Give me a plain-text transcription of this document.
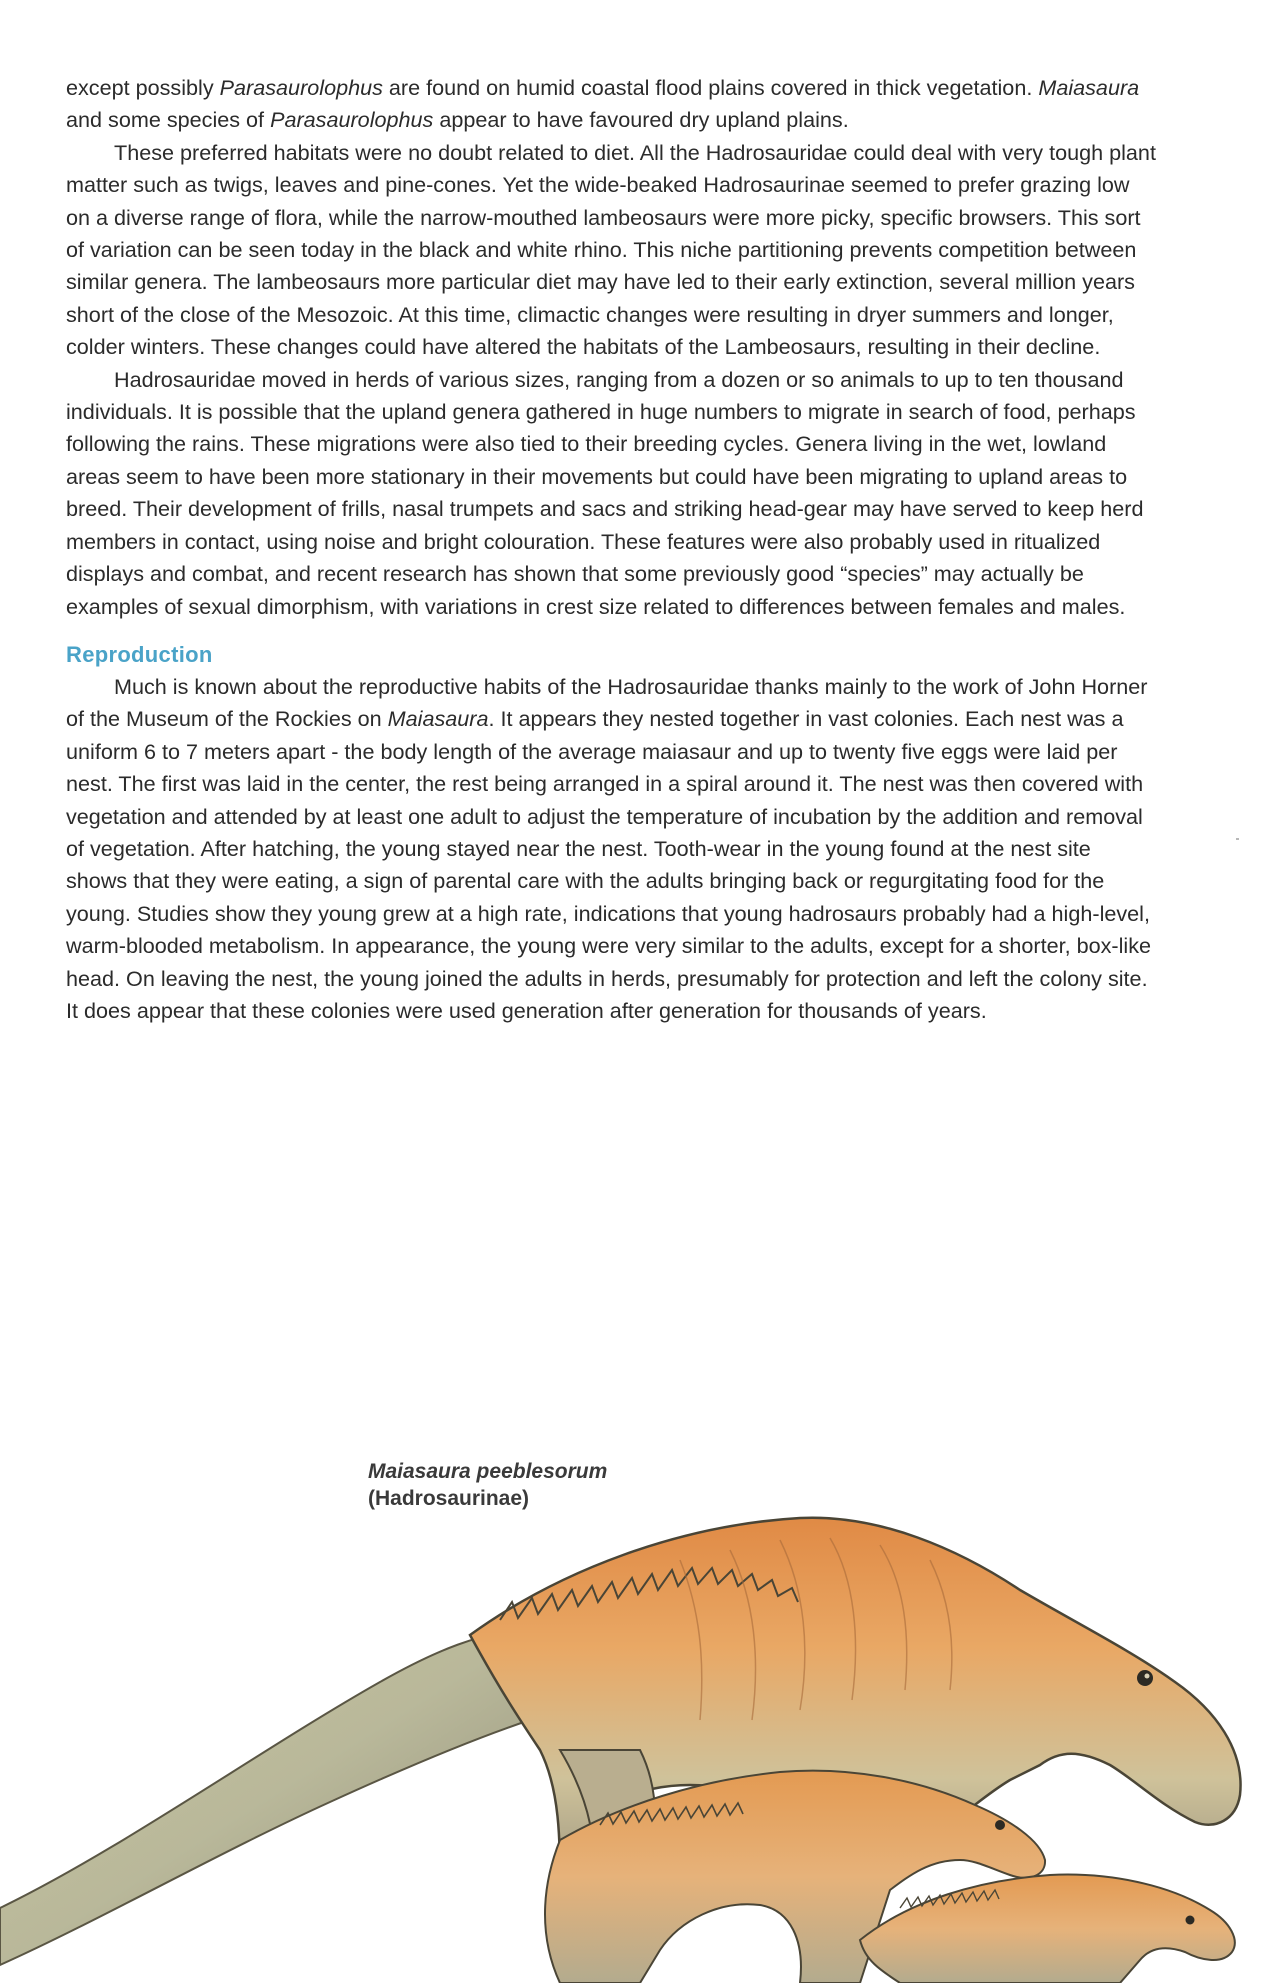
except possibly Parasaurolophus are found on humid coastal flood plains covered in thick vegetation. Maiasaura and some species of Parasaurolophus appear to have favoured dry upland plains.

These preferred habitats were no doubt related to diet. All the Hadrosauridae could deal with very tough plant matter such as twigs, leaves and pine-cones. Yet the wide-beaked Hadrosaurinae seemed to prefer grazing low on a diverse range of flora, while the narrow-mouthed lambeosaurs were more picky, specific browsers. This sort of variation can be seen today in the black and white rhino. This niche partitioning prevents competition between similar genera. The lambeosaurs more particular diet may have led to their early extinction, several million years short of the close of the Mesozoic. At this time, climactic changes were resulting in dryer summers and longer, colder winters. These changes could have altered the habitats of the Lambeosaurs, resulting in their decline.

Hadrosauridae moved in herds of various sizes, ranging from a dozen or so animals to up to ten thousand individuals. It is possible that the upland genera gathered in huge numbers to migrate in search of food, perhaps following the rains. These migrations were also tied to their breeding cycles. Genera living in the wet, lowland areas seem to have been more stationary in their movements but could have been migrating to upland areas to breed. Their development of frills, nasal trumpets and sacs and striking head-gear may have served to keep herd members in contact, using noise and bright colouration. These features were also probably used in ritualized displays and combat, and recent research has shown that some previously good “species” may actually be examples of sexual dimorphism, with variations in crest size related to differences between females and males.

Reproduction

Much is known about the reproductive habits of the Hadrosauridae thanks mainly to the work of John Horner of the Museum of the Rockies on Maiasaura. It appears they nested together in vast colonies. Each nest was a uniform 6 to 7 meters apart - the body length of the average maiasaur and up to twenty five eggs were laid per nest. The first was laid in the center, the rest being arranged in a spiral around it. The nest was then covered with vegetation and attended by at least one adult to adjust the temperature of incubation by the addition and removal of vegetation. After hatching, the young stayed near the nest. Tooth-wear in the young found at the nest site shows that they were eating, a sign of parental care with the adults bringing back or regurgitating food for the young. Studies show they young grew at a high rate, indications that young hadrosaurs probably had a high-level, warm-blooded metabolism. In appearance, the young were very similar to the adults, except for a shorter, box-like head. On leaving the nest, the young joined the adults in herds, presumably for protection and left the colony site. It does appear that these colonies were used generation after generation for thousands of years.

Maiasaura peeblesorum
(Hadrosaurinae)
